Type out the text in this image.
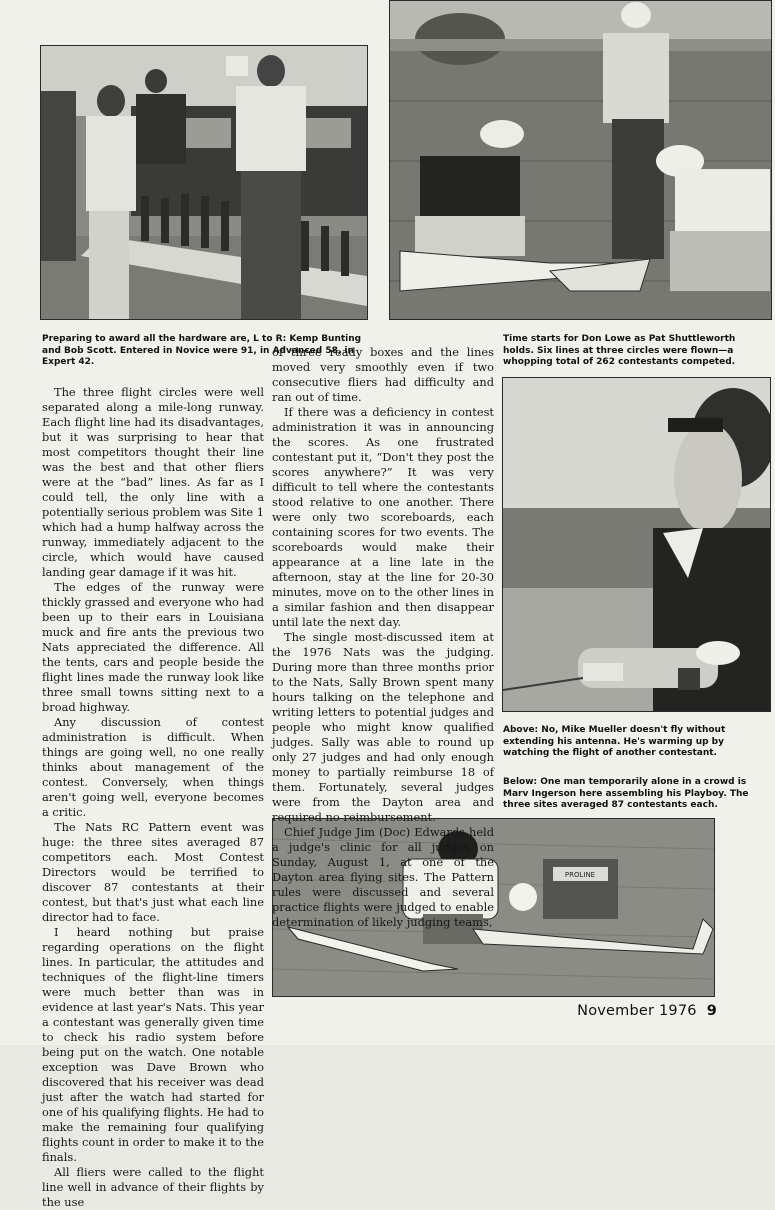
Preparing to award all the hardware are, L to R: Kemp Bunting and Bob Scott. Entered in Novice were 91, in Advanced 58, in Expert 42.
Time starts for Don Lowe as Pat Shuttleworth holds. Six lines at three circles were flown—a whopping total of 262 contestants competed.
Above: No, Mike Mueller doesn't fly without extending his antenna. He's warming up by watching the flight of another contestant.
Below: One man temporarily alone in a crowd is Marv Ingerson here assembling his Playboy. The three sites averaged 87 contestants each.
PROLINE

The three flight circles were well separated along a mile-long runway. Each flight line had its disadvantages, but it was surprising to hear that most competitors thought their line was the best and that other fliers were at the “bad” lines. As far as I could tell, the only line with a potentially serious problem was Site 1 which had a hump halfway across the runway, immediately adjacent to the circle, which would have caused landing gear damage if it was hit.

The edges of the runway were thickly grassed and everyone who had been up to their ears in Louisiana muck and fire ants the previous two Nats appreciated the difference. All the tents, cars and people beside the flight lines made the runway look like three small towns sitting next to a broad highway.

Any discussion of contest administration is difficult. When things are going well, no one really thinks about management of the contest. Conversely, when things aren't going well, everyone becomes a critic.

The Nats RC Pattern event was huge: the three sites averaged 87 competitors each. Most Contest Directors would be terrified to discover 87 contestants at their contest, but that's just what each line director had to face.

I heard nothing but praise regarding operations on the flight lines. In particular, the attitudes and techniques of the flight-line timers were much better than was in evidence at last year's Nats. This year a contestant was generally given time to check his radio system before being put on the watch. One notable exception was Dave Brown who discovered that his receiver was dead just after the watch had started for one of his qualifying flights. He had to make the remaining four qualifying flights count in order to make it to the finals.

All fliers were called to the flight line well in advance of their flights by the use

of three ready boxes and the lines moved very smoothly even if two consecutive fliers had difficulty and ran out of time.

If there was a deficiency in contest administration it was in announcing the scores. As one frustrated contestant put it, “Don't they post the scores anywhere?” It was very difficult to tell where the contestants stood relative to one another. There were only two scoreboards, each containing scores for two events. The scoreboards would make their appearance at a line late in the afternoon, stay at the line for 20-30 minutes, move on to the other lines in a similar fashion and then disappear until late the next day.

The single most-discussed item at the 1976 Nats was the judging. During more than three months prior to the Nats, Sally Brown spent many hours talking on the telephone and writing letters to potential judges and people who might know qualified judges. Sally was able to round up only 27 judges and had only enough money to partially reimburse 18 of them. Fortunately, several judges were from the Dayton area and required no reimbursement.

Chief Judge Jim (Doc) Edwards held a judge's clinic for all judges on Sunday, August 1, at one of the Dayton area flying sites. The Pattern rules were discussed and several practice flights were judged to enable determination of likely judging teams,

November 1976 9
